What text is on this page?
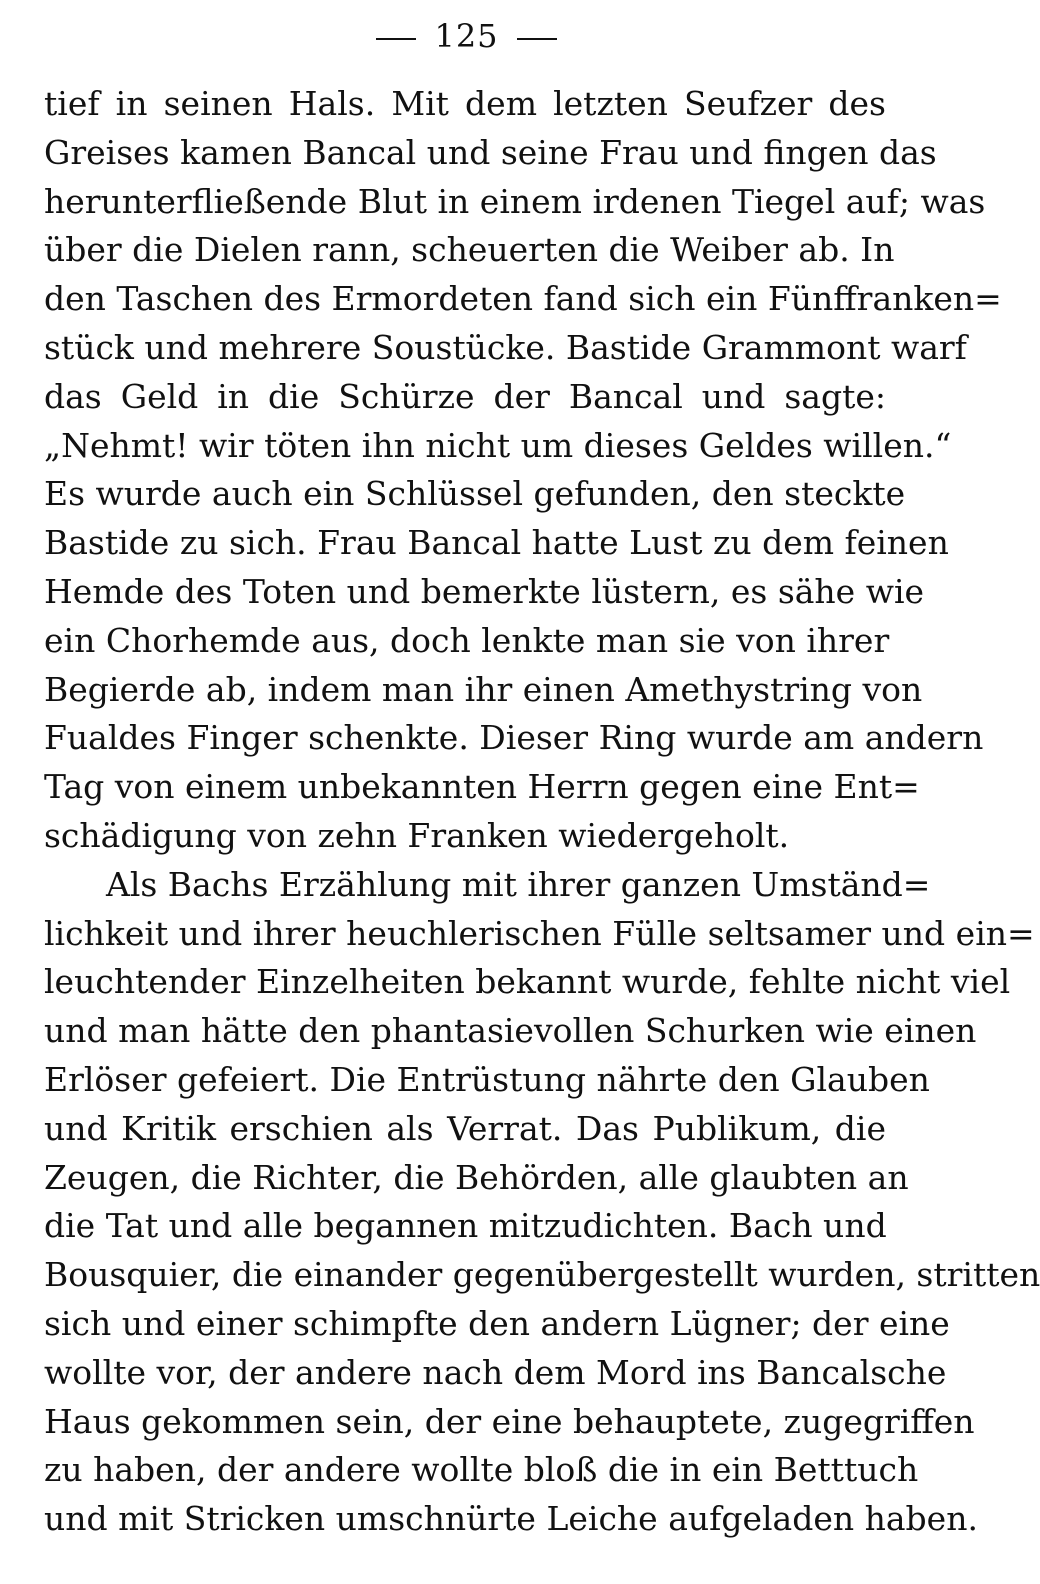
125
tief in seinen Hals. Mit dem letzten Seufzer des
Greises kamen Bancal und seine Frau und fingen das
herunterfließende Blut in einem irdenen Tiegel auf; was
über die Dielen rann, scheuerten die Weiber ab. In
den Taschen des Ermordeten fand sich ein Fünffranken=
stück und mehrere Soustücke. Bastide Grammont warf
das Geld in die Schürze der Bancal und sagte:
„Nehmt! wir töten ihn nicht um dieses Geldes willen.“
Es wurde auch ein Schlüssel gefunden, den steckte
Bastide zu sich. Frau Bancal hatte Lust zu dem feinen
Hemde des Toten und bemerkte lüstern, es sähe wie
ein Chorhemde aus, doch lenkte man sie von ihrer
Begierde ab, indem man ihr einen Amethystring von
Fualdes Finger schenkte. Dieser Ring wurde am andern
Tag von einem unbekannten Herrn gegen eine Ent=
schädigung von zehn Franken wiedergeholt.
Als Bachs Erzählung mit ihrer ganzen Umständ=
lichkeit und ihrer heuchlerischen Fülle seltsamer und ein=
leuchtender Einzelheiten bekannt wurde, fehlte nicht viel
und man hätte den phantasievollen Schurken wie einen
Erlöser gefeiert. Die Entrüstung nährte den Glauben
und Kritik erschien als Verrat. Das Publikum, die
Zeugen, die Richter, die Behörden, alle glaubten an
die Tat und alle begannen mitzudichten. Bach und
Bousquier, die einander gegenübergestellt wurden, stritten
sich und einer schimpfte den andern Lügner; der eine
wollte vor, der andere nach dem Mord ins Bancalsche
Haus gekommen sein, der eine behauptete, zugegriffen
zu haben, der andere wollte bloß die in ein Betttuch
und mit Stricken umschnürte Leiche aufgeladen haben.
